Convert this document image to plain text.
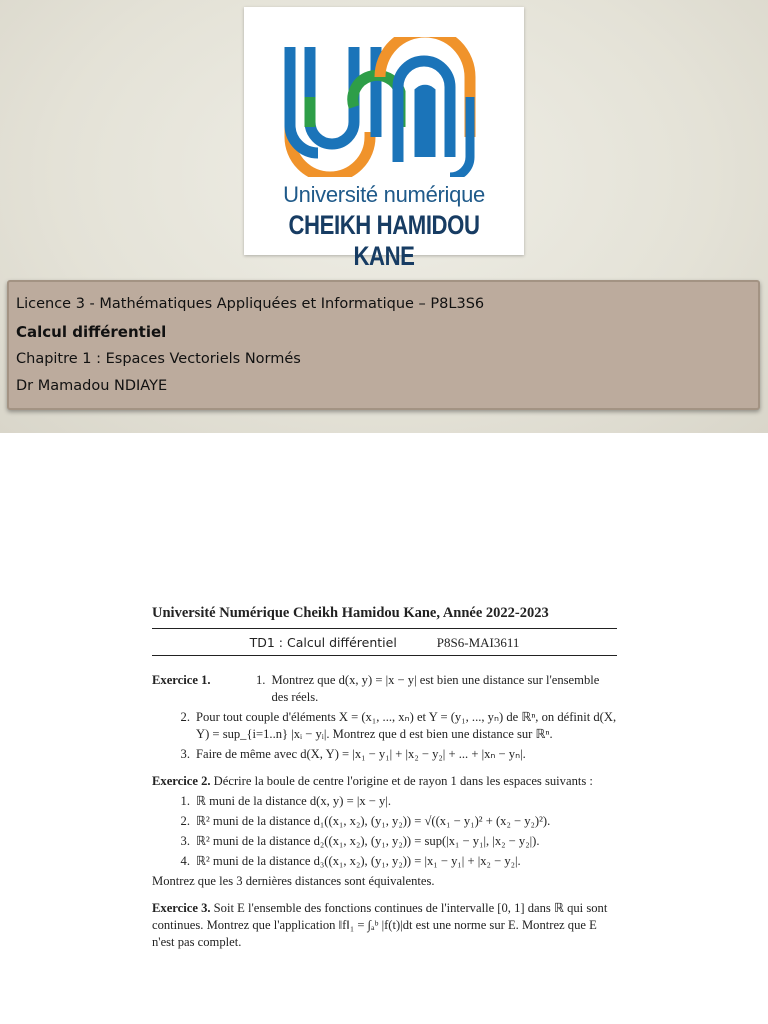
Université numérique
CHEIKH HAMIDOU KANE
Licence 3 - Mathématiques Appliquées et Informatique – P8L3S6
Calcul différentiel
Chapitre 1 : Espaces Vectoriels Normés
Dr Mamadou NDIAYE
Université Numérique Cheikh Hamidou Kane, Année 2022-2023
TD1 : Calcul différentiel	P8S6-MAI3611
Exercice 1.	1. Montrez que d(x, y) = |x − y| est bien une distance sur l'ensemble des réels.
2. Pour tout couple d'éléments X = (x₁, ..., xₙ) et Y = (y₁, ..., yₙ) de ℝⁿ, on définit d(X, Y) = sup_{i=1..n} |xᵢ − yᵢ|. Montrez que d est bien une distance sur ℝⁿ.
3. Faire de même avec d(X, Y) = |x₁ − y₁| + |x₂ − y₂| + ... + |xₙ − yₙ|.
Exercice 2. Décrire la boule de centre l'origine et de rayon 1 dans les espaces suivants :
1. ℝ muni de la distance d(x, y) = |x − y|.
2. ℝ² muni de la distance d₁((x₁, x₂), (y₁, y₂)) = √((x₁ − y₁)² + (x₂ − y₂)²).
3. ℝ² muni de la distance d₂((x₁, x₂), (y₁, y₂)) = sup(|x₁ − y₁|, |x₂ − y₂|).
4. ℝ² muni de la distance d₃((x₁, x₂), (y₁, y₂)) = |x₁ − y₁| + |x₂ − y₂|.
Montrez que les 3 dernières distances sont équivalentes.
Exercice 3. Soit E l'ensemble des fonctions continues de l'intervalle [0, 1] dans ℝ qui sont continues. Montrez que l'application ‖f‖₁ = ∫ₐᵇ |f(t)|dt est une norme sur E. Montrez que E n'est pas complet.
